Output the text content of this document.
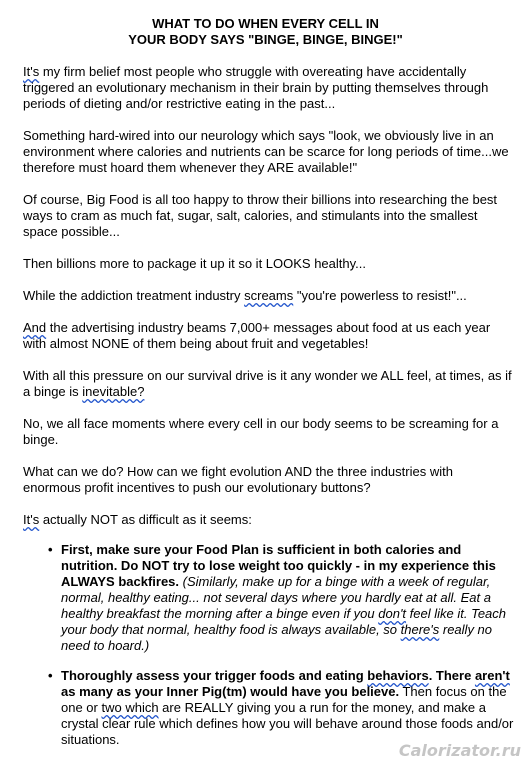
WHAT TO DO WHEN EVERY CELL IN
YOUR BODY SAYS "BINGE, BINGE, BINGE!"

It's my firm belief most people who struggle with overeating have accidentally triggered an evolutionary mechanism in their brain by putting themselves through periods of dieting and/or restrictive eating in the past...

Something hard-wired into our neurology which says "look, we obviously live in an environment where calories and nutrients can be scarce for long periods of time...we therefore must hoard them whenever they ARE available!"

Of course, Big Food is all too happy to throw their billions into researching the best ways to cram as much fat, sugar, salt, calories, and stimulants into the smallest space possible...

Then billions more to package it up it so it LOOKS healthy...

While the addiction treatment industry screams "you're powerless to resist!"...

And the advertising industry beams 7,000+ messages about food at us each year with almost NONE of them being about fruit and vegetables!

With all this pressure on our survival drive is it any wonder we ALL feel, at times, as if a binge is inevitable?

No, we all face moments where every cell in our body seems to be screaming for a binge.

What can we do? How can we fight evolution AND the three industries with enormous profit incentives to push our evolutionary buttons?

It's actually NOT as difficult as it seems:

• First, make sure your Food Plan is sufficient in both calories and nutrition. Do NOT try to lose weight too quickly - in my experience this ALWAYS backfires. (Similarly, make up for a binge with a week of regular, normal, healthy eating... not several days where you hardly eat at all. Eat a healthy breakfast the morning after a binge even if you don't feel like it. Teach your body that normal, healthy food is always available, so there's really no need to hoard.)
• Thoroughly assess your trigger foods and eating behaviors. There aren't as many as your Inner Pig(tm) would have you believe. Then focus on the one or two which are REALLY giving you a run for the money, and make a crystal clear rule which defines how you will behave around those foods and/or situations.
Calorizator.ru
